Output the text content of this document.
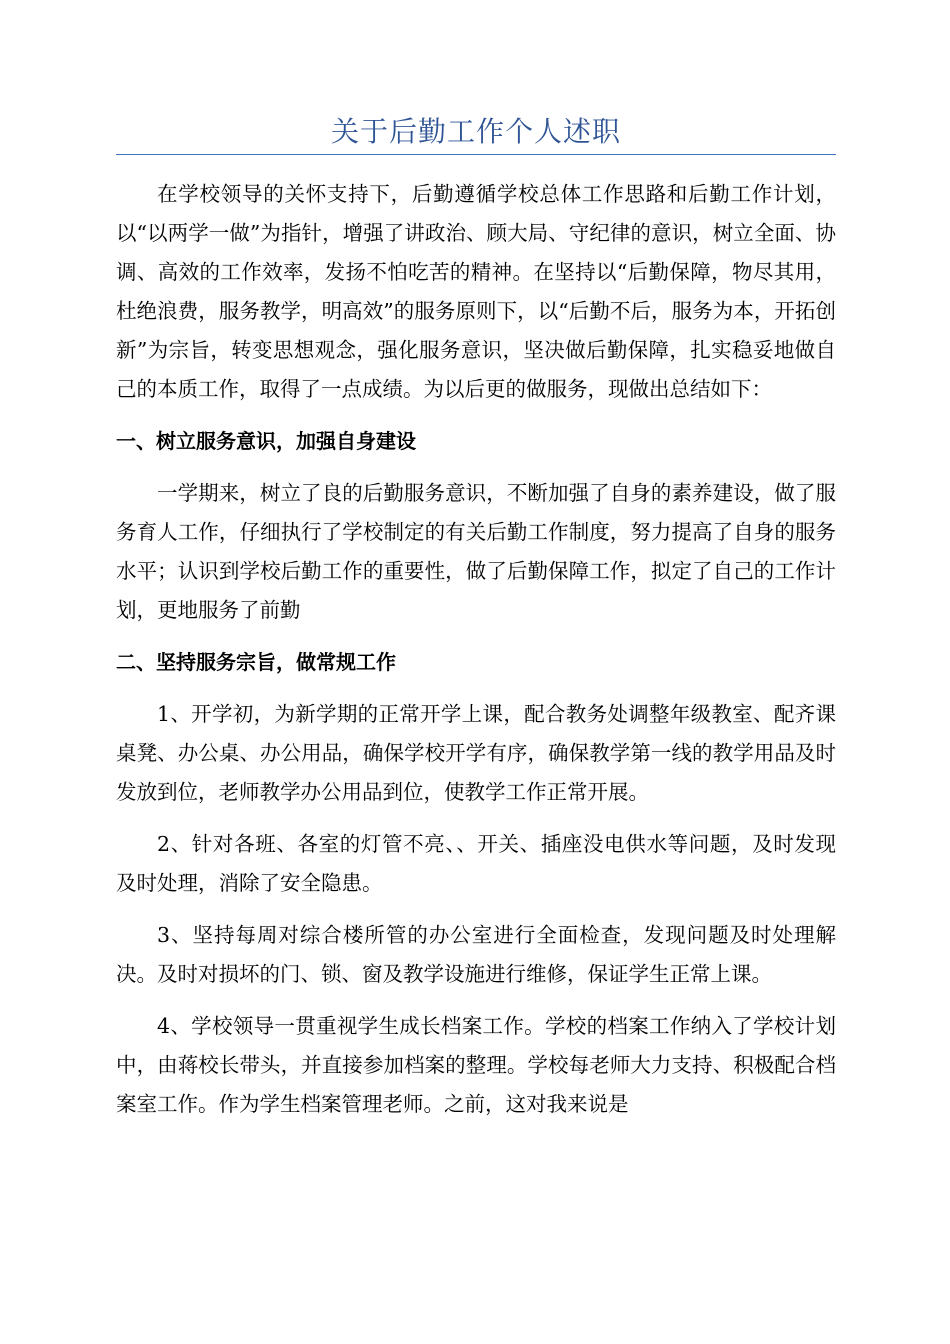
关于后勤工作个人述职

在学校领导的关怀支持下，后勤遵循学校总体工作思路和后勤工作计划，以“以两学一做”为指针，增强了讲政治、顾大局、守纪律的意识，树立全面、协调、高效的工作效率，发扬不怕吃苦的精神。在坚持以“后勤保障，物尽其用，杜绝浪费，服务教学，明高效”的服务原则下，以“后勤不后，服务为本，开拓创新”为宗旨，转变思想观念，强化服务意识，坚决做后勤保障，扎实稳妥地做自己的本质工作，取得了一点成绩。为以后更的做服务，现做出总结如下：

一、树立服务意识，加强自身建设

一学期来，树立了良的后勤服务意识，不断加强了自身的素养建设，做了服务育人工作，仔细执行了学校制定的有关后勤工作制度，努力提高了自身的服务水平；认识到学校后勤工作的重要性，做了后勤保障工作，拟定了自己的工作计划，更地服务了前勤

二、坚持服务宗旨，做常规工作

1、开学初，为新学期的正常开学上课，配合教务处调整年级教室、配齐课桌凳、办公桌、办公用品，确保学校开学有序，确保教学第一线的教学用品及时发放到位，老师教学办公用品到位，使教学工作正常开展。

2、针对各班、各室的灯管不亮、、开关、插座没电供水等问题，及时发现及时处理，消除了安全隐患。

3、坚持每周对综合楼所管的办公室进行全面检查，发现问题及时处理解决。及时对损坏的门、锁、窗及教学设施进行维修，保证学生正常上课。

4、学校领导一贯重视学生成长档案工作。学校的档案工作纳入了学校计划中，由蒋校长带头，并直接参加档案的整理。学校每老师大力支持、积极配合档案室工作。作为学生档案管理老师。之前，这对我来说是
